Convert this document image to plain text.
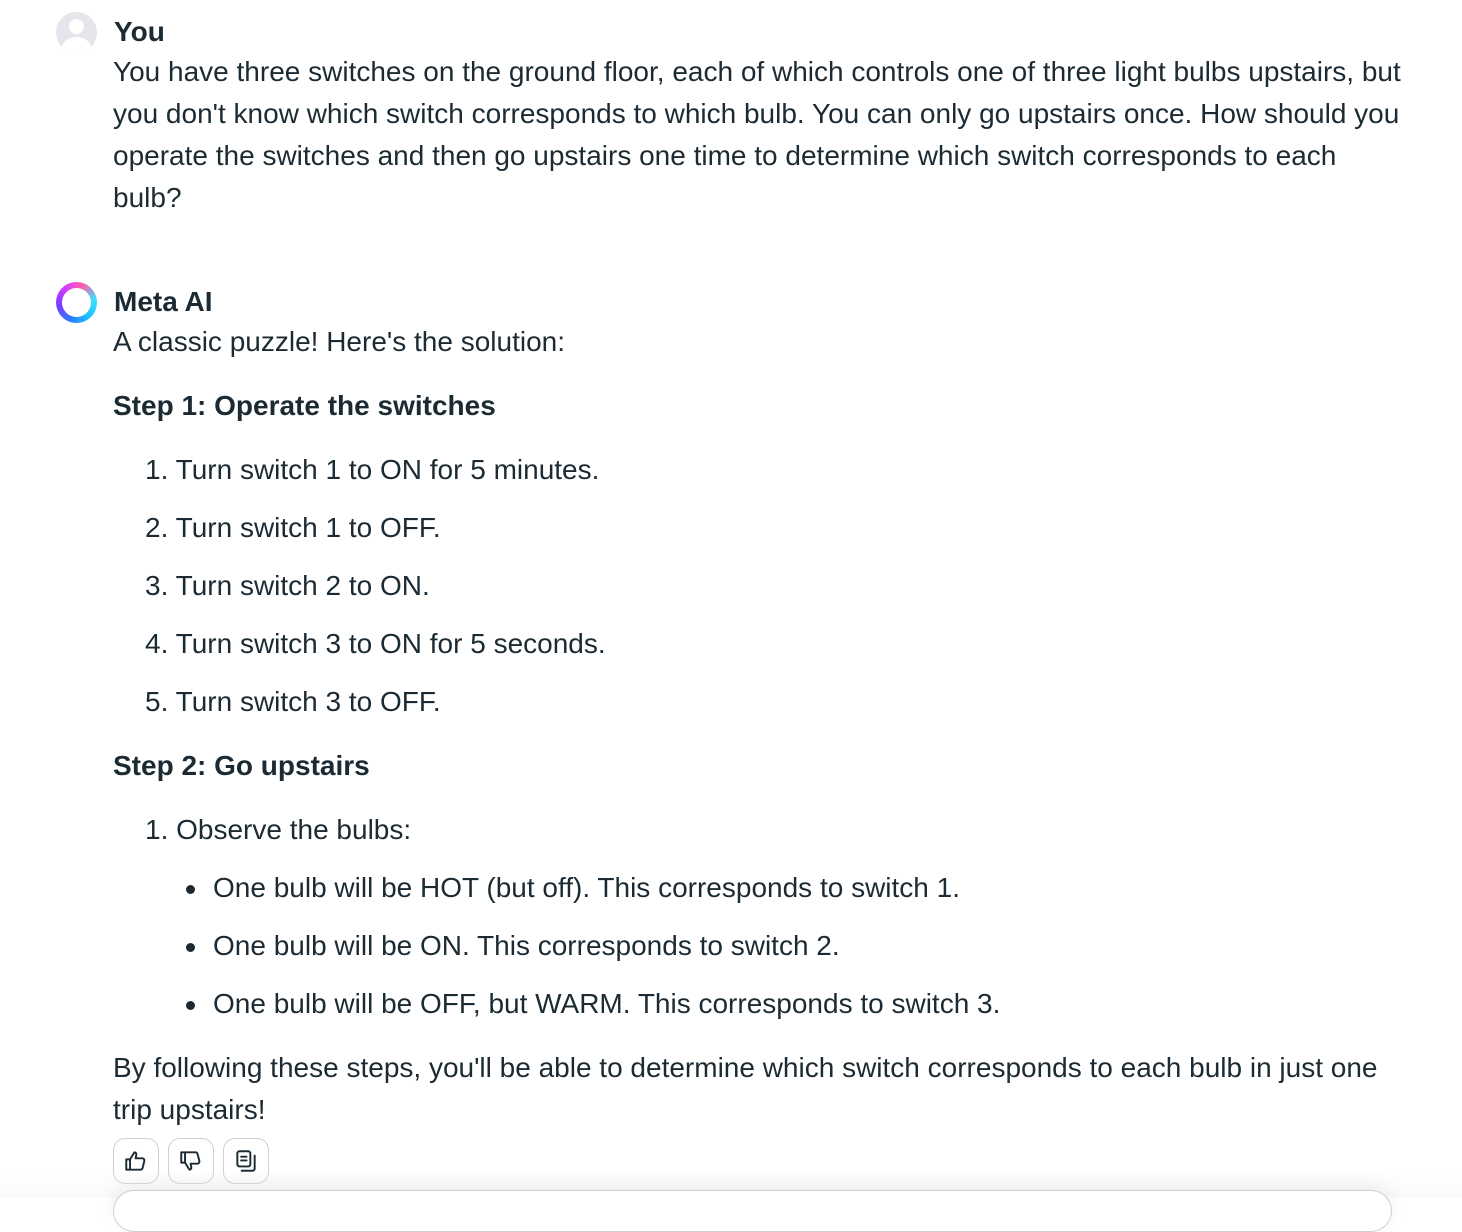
You

You have three switches on the ground floor, each of which controls one of three light bulbs upstairs, but you don't know which switch corresponds to which bulb. You can only go upstairs once. How should you operate the switches and then go upstairs one time to determine which switch corresponds to each bulb?

Meta AI

A classic puzzle! Here's the solution:

Step 1: Operate the switches

1. Turn switch 1 to ON for 5 minutes.
2. Turn switch 1 to OFF.
3. Turn switch 2 to ON.
4. Turn switch 3 to ON for 5 seconds.
5. Turn switch 3 to OFF.

Step 2: Go upstairs

1. Observe the bulbs:
One bulb will be HOT (but off). This corresponds to switch 1.
One bulb will be ON. This corresponds to switch 2.
One bulb will be OFF, but WARM. This corresponds to switch 3.

By following these steps, you'll be able to determine which switch corresponds to each bulb in just one trip upstairs!
